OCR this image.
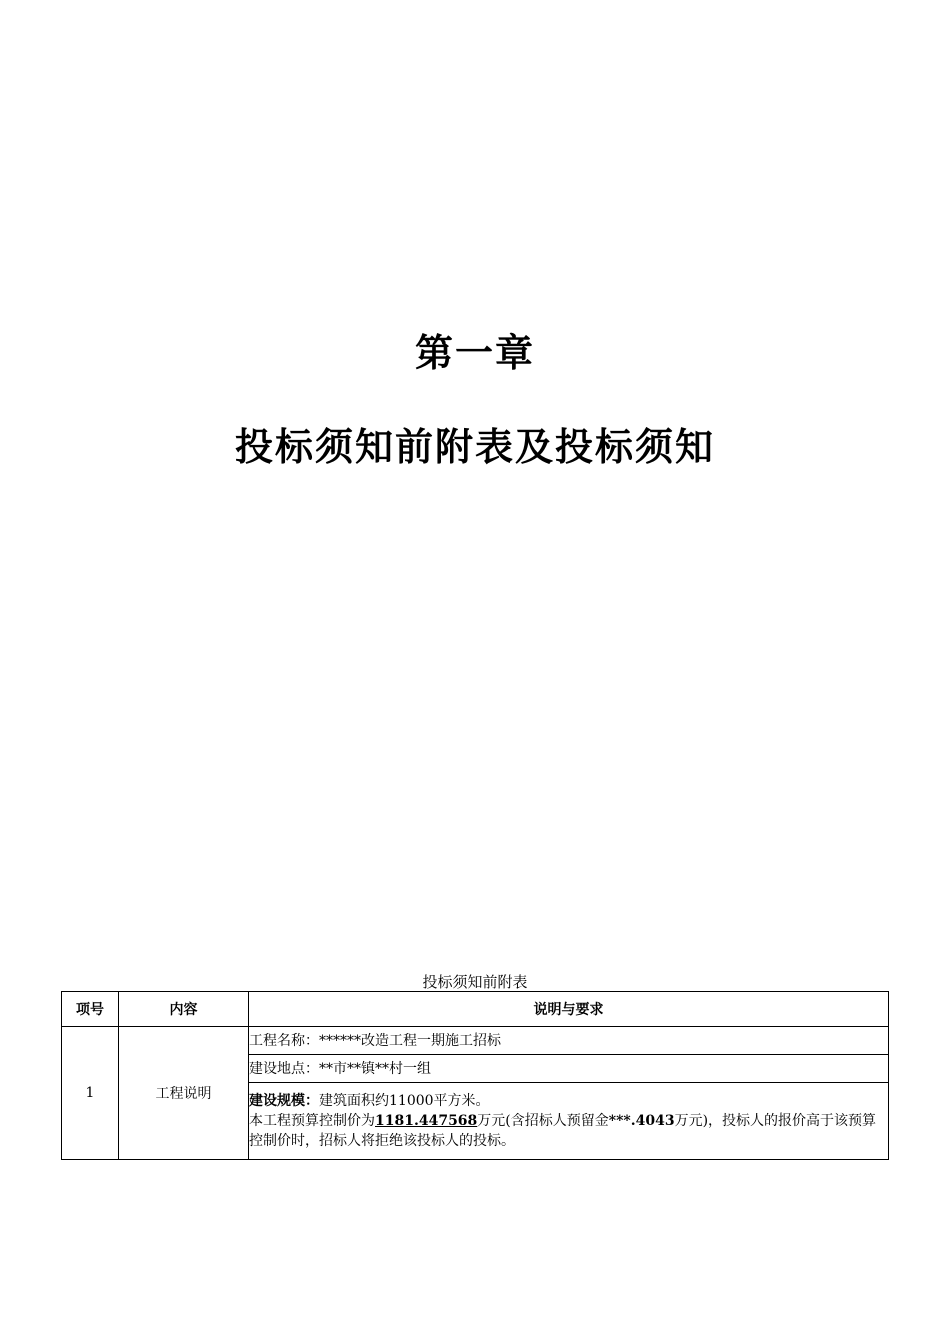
第一章
投标须知前附表及投标须知
投标须知前附表
项号	内容	说明与要求
1	工程说明	工程名称：******改造工程一期施工招标
		建设地点：**市**镇**村一组

		建设规模：建筑面积约11000平方米。
本工程预算控制价为1181.447568万元(含招标人预留金***.4043万元)，投标人的报价高于该预算控制价时，招标人将拒绝该投标人的投标。
